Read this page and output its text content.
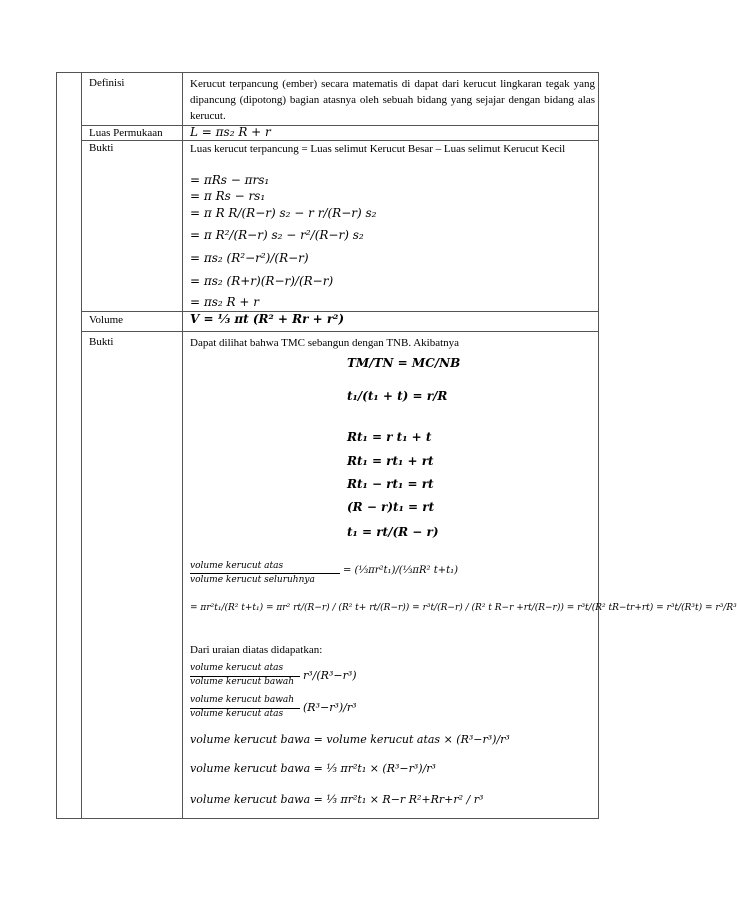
Definisi	Kerucut terpancung (ember) secara matematis di dapat dari kerucut lingkaran tegak yang dipancung (dipotong) bagian atasnya oleh sebuah bidang yang sejajar dengan bidang alas kerucut.
Luas Permukaan L = πs₂ R + r
Bukti	Luas kerucut terpancung = Luas selimut Kerucut Besar – Luas selimut Kerucut Kecil
= πRs − πrs₁
= π Rs − rs₁
= π R R/(R−r) s₂ − r r/(R−r) s₂
= π R²/(R−r) s₂ − r²/(R−r) s₂
= πs₂ (R²−r²)/(R−r)
= πs₂ (R+r)(R−r)/(R−r)
= πs₂ R + r
Volume	V = ⅓ πt (R² + Rr + r²)
Bukti	Dapat dilihat bahwa TMC sebangun dengan TNB. Akibatnya
TM/TN = MC/NB
t₁/(t₁ + t) = r/R
Rt₁ = r t₁ + t
Rt₁ = rt₁ + rt
Rt₁ − rt₁ = rt
(R − r)t₁ = rt
t₁ = rt/(R − r)
volume kerucut atas
volume kerucut seluruhnya
= (⅓πr²t₁)/(⅓πR² t+t₁)
= πr²t₁/(R² t+t₁) = πr² rt/(R−r) / (R² t+ rt/(R−r)) = r³t/(R−r) / (R² t R−r +rt/(R−r)) = r³t/(R² tR−tr+rt) = r³t/(R³t) = r³/R³
Dari uraian diatas didapatkan:
volume kerucut atas
volume kerucut bawah r³/(R³−r³)
volume kerucut bawah
volume kerucut atas (R³−r³)/r³
volume kerucut bawa = volume kerucut atas × (R³−r³)/r³
volume kerucut bawa = ⅓ πr²t₁ × (R³−r³)/r³
volume kerucut bawa = ⅓ πr²t₁ × R−r R²+Rr+r² / r³
